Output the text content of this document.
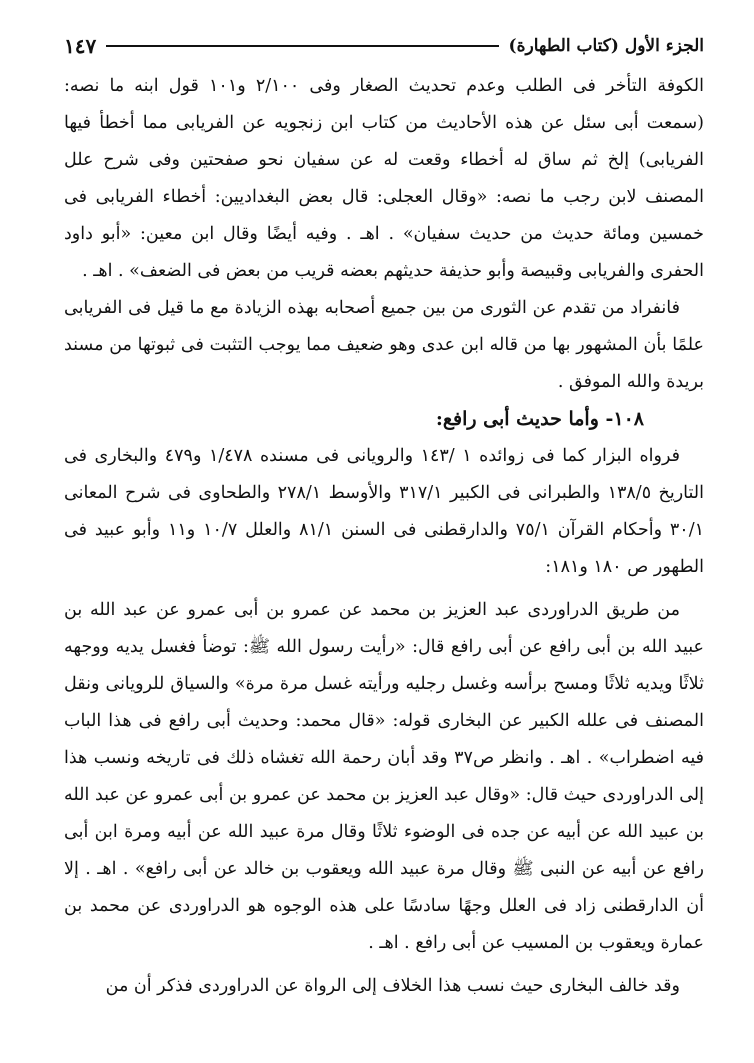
الجزء الأول (كتاب الطهارة)
١٤٧

الكوفة التأخر فى الطلب وعدم تحديث الصغار وفى ٢/١٠٠ و١٠١ قول ابنه ما نصه: (سمعت أبى سئل عن هذه الأحاديث من كتاب ابن زنجويه عن الفريابى مما أخطأ فيها الفريابى) إلخ ثم ساق له أخطاء وقعت له عن سفيان نحو صفحتين وفى شرح علل المصنف لابن رجب ما نصه: «وقال العجلى: قال بعض البغداديين: أخطاء الفريابى فى خمسين ومائة حديث من حديث سفيان» . اهـ . وفيه أيضًا وقال ابن معين: «أبو داود الحفرى والفريابى وقبيصة وأبو حذيفة حديثهم بعضه قريب من بعض فى الضعف» . اهـ .

فانفراد من تقدم عن الثورى من بين جميع أصحابه بهذه الزيادة مع ما قيل فى الفريابى علمًا بأن المشهور بها من قاله ابن عدى وهو ضعيف مما يوجب التثبت فى ثبوتها من مسند بريدة والله الموفق .

١٠٨- وأما حديث أبى رافع:

فرواه البزار كما فى زوائده ١ /١٤٣ والرويانى فى مسنده ١/٤٧٨ و٤٧٩ والبخارى فى التاريخ ١٣٨/٥ والطبرانى فى الكبير ٣١٧/١ والأوسط ٢٧٨/١ والطحاوى فى شرح المعانى ٣٠/١ وأحكام القرآن ٧٥/١ والدارقطنى فى السنن ٨١/١ والعلل ١٠/٧ و١١ وأبو عبيد فى الطهور ص ١٨٠ و١٨١:

من طريق الدراوردى عبد العزيز بن محمد عن عمرو بن أبى عمرو عن عبد الله بن عبيد الله بن أبى رافع عن أبى رافع قال: «رأيت رسول الله ﷺ: توضأ فغسل يديه ووجهه ثلاثًا ويديه ثلاثًا ومسح برأسه وغسل رجليه ورأيته غسل مرة مرة» والسياق للرويانى ونقل المصنف فى علله الكبير عن البخارى قوله: «قال محمد: وحديث أبى رافع فى هذا الباب فيه اضطراب» . اهـ . وانظر ص٣٧ وقد أبان رحمة الله تغشاه ذلك فى تاريخه ونسب هذا إلى الدراوردى حيث قال: «وقال عبد العزيز بن محمد عن عمرو بن أبى عمرو عن عبد الله بن عبيد الله عن أبيه عن جده فى الوضوء ثلاثًا وقال مرة عبيد الله عن أبيه ومرة ابن أبى رافع عن أبيه عن النبى ﷺ وقال مرة عبيد الله ويعقوب بن خالد عن أبى رافع» . اهـ . إلا أن الدارقطنى زاد فى العلل وجهًا سادسًا على هذه الوجوه هو الدراوردى عن محمد بن عمارة ويعقوب بن المسيب عن أبى رافع . اهـ .

وقد خالف البخارى حيث نسب هذا الخلاف إلى الرواة عن الدراوردى فذكر أن من
